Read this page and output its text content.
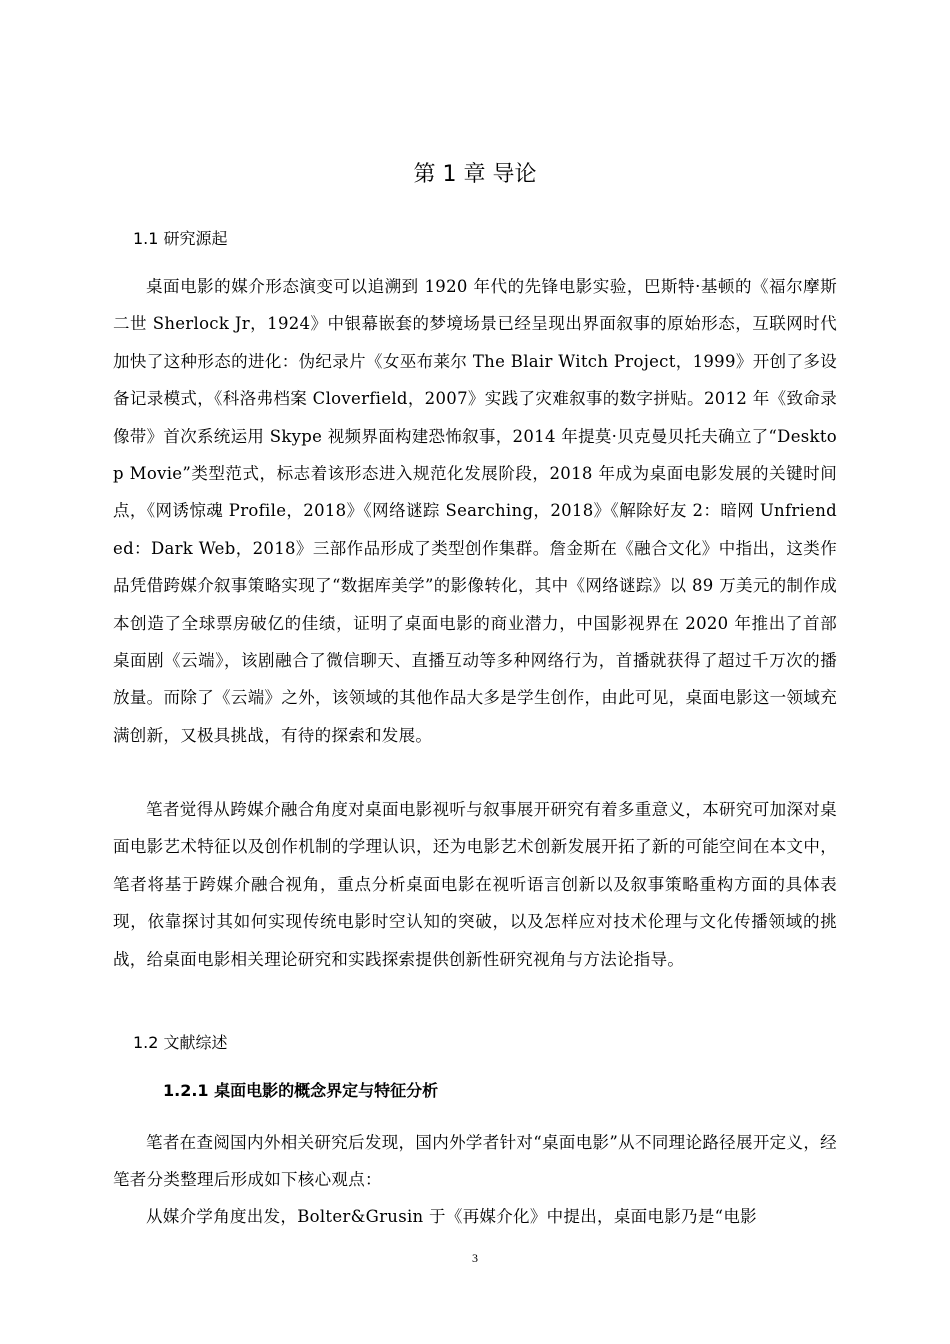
第 1 章 导论
1.1 研究源起

桌面电影的媒介形态演变可以追溯到 1920 年代的先锋电影实验，巴斯特·基顿的《福尔摩斯二世 Sherlock Jr，1924》中银幕嵌套的梦境场景已经呈现出界面叙事的原始形态，互联网时代加快了这种形态的进化：伪纪录片《女巫布莱尔 The Blair Witch Project，1999》开创了多设备记录模式，《科洛弗档案 Cloverfield，2007》实践了灾难叙事的数字拼贴。2012 年《致命录像带》首次系统运用 Skype 视频界面构建恐怖叙事，2014 年提莫·贝克曼贝托夫确立了“Desktop Movie”类型范式，标志着该形态进入规范化发展阶段，2018 年成为桌面电影发展的关键时间点，《网诱惊魂 Profile，2018》《网络谜踪 Searching，2018》《解除好友 2：暗网 Unfriended：Dark Web，2018》三部作品形成了类型创作集群。詹金斯在《融合文化》中指出，这类作品凭借跨媒介叙事策略实现了“数据库美学”的影像转化，其中《网络谜踪》以 89 万美元的制作成本创造了全球票房破亿的佳绩，证明了桌面电影的商业潜力，中国影视界在 2020 年推出了首部桌面剧《云端》，该剧融合了微信聊天、直播互动等多种网络行为，首播就获得了超过千万次的播放量。而除了《云端》之外，该领域的其他作品大多是学生创作，由此可见，桌面电影这一领域充满创新，又极具挑战，有待的探索和发展。

笔者觉得从跨媒介融合角度对桌面电影视听与叙事展开研究有着多重意义，本研究可加深对桌面电影艺术特征以及创作机制的学理认识，还为电影艺术创新发展开拓了新的可能空间在本文中，笔者将基于跨媒介融合视角，重点分析桌面电影在视听语言创新以及叙事策略重构方面的具体表现，依靠探讨其如何实现传统电影时空认知的突破，以及怎样应对技术伦理与文化传播领域的挑战，给桌面电影相关理论研究和实践探索提供创新性研究视角与方法论指导。

1.2 文献综述
1.2.1 桌面电影的概念界定与特征分析

笔者在查阅国内外相关研究后发现，国内外学者针对“桌面电影”从不同理论路径展开定义，经笔者分类整理后形成如下核心观点：

从媒介学角度出发，Bolter&Grusin 于《再媒介化》中提出，桌面电影乃是“电影

3
